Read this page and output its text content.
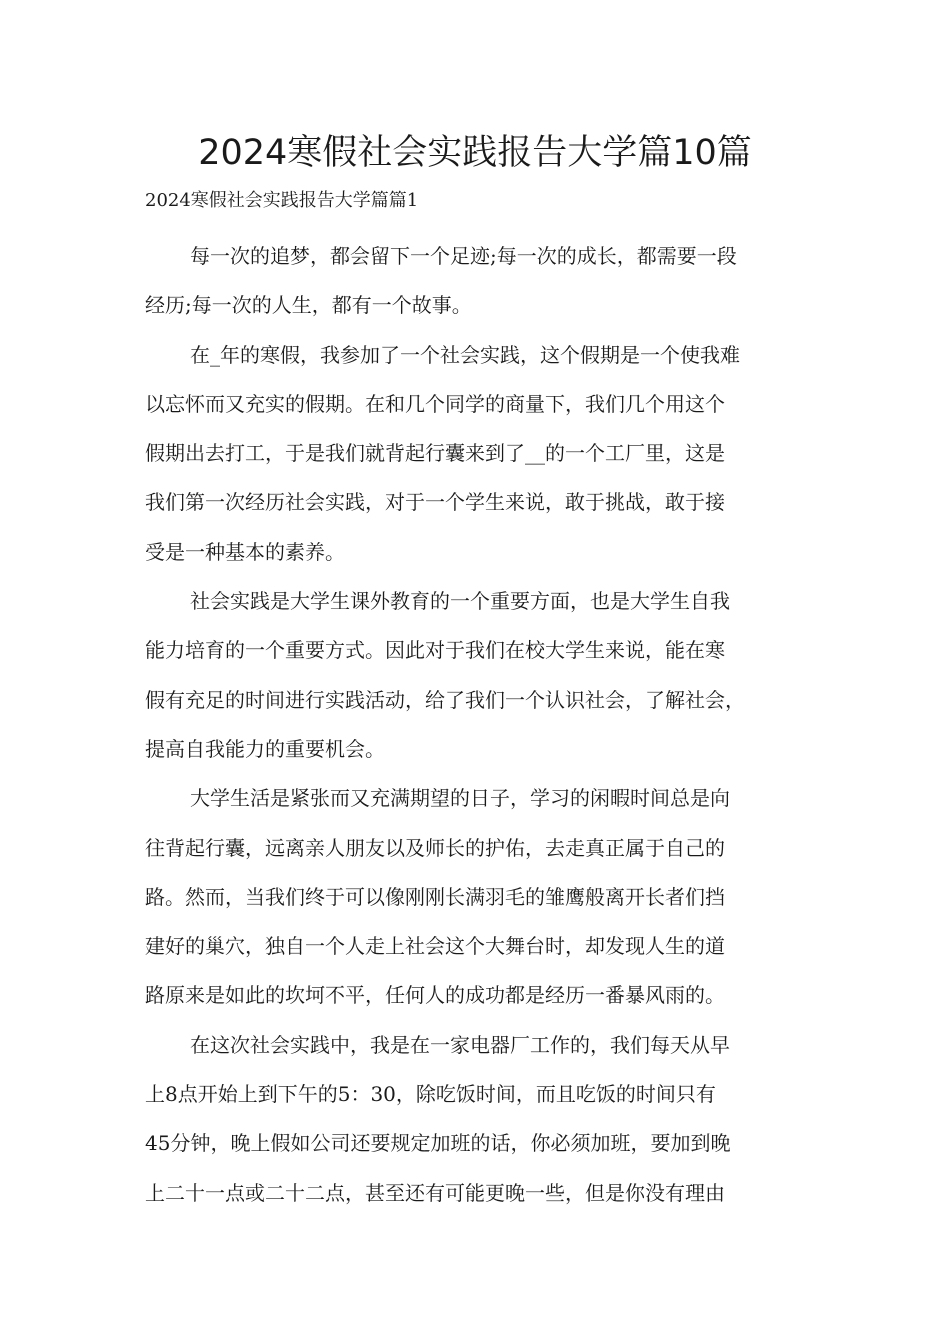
2024寒假社会实践报告大学篇10篇
2024寒假社会实践报告大学篇篇1

每一次的追梦，都会留下一个足迹;每一次的成长，都需要一段
经历;每一次的人生，都有一个故事。

在_年的寒假，我参加了一个社会实践，这个假期是一个使我难
以忘怀而又充实的假期。在和几个同学的商量下，我们几个用这个
假期出去打工，于是我们就背起行囊来到了__的一个工厂里，这是
我们第一次经历社会实践，对于一个学生来说，敢于挑战，敢于接
受是一种基本的素养。

社会实践是大学生课外教育的一个重要方面，也是大学生自我
能力培育的一个重要方式。因此对于我们在校大学生来说，能在寒
假有充足的时间进行实践活动，给了我们一个认识社会，了解社会，
提高自我能力的重要机会。

大学生活是紧张而又充满期望的日子，学习的闲暇时间总是向
往背起行囊，远离亲人朋友以及师长的护佑，去走真正属于自己的
路。然而，当我们终于可以像刚刚长满羽毛的雏鹰般离开长者们挡
建好的巢穴，独自一个人走上社会这个大舞台时，却发现人生的道
路原来是如此的坎坷不平，任何人的成功都是经历一番暴风雨的。

在这次社会实践中，我是在一家电器厂工作的，我们每天从早
上8点开始上到下午的5：30，除吃饭时间，而且吃饭的时间只有
45分钟，晚上假如公司还要规定加班的话，你必须加班，要加到晚
上二十一点或二十二点，甚至还有可能更晚一些，但是你没有理由
